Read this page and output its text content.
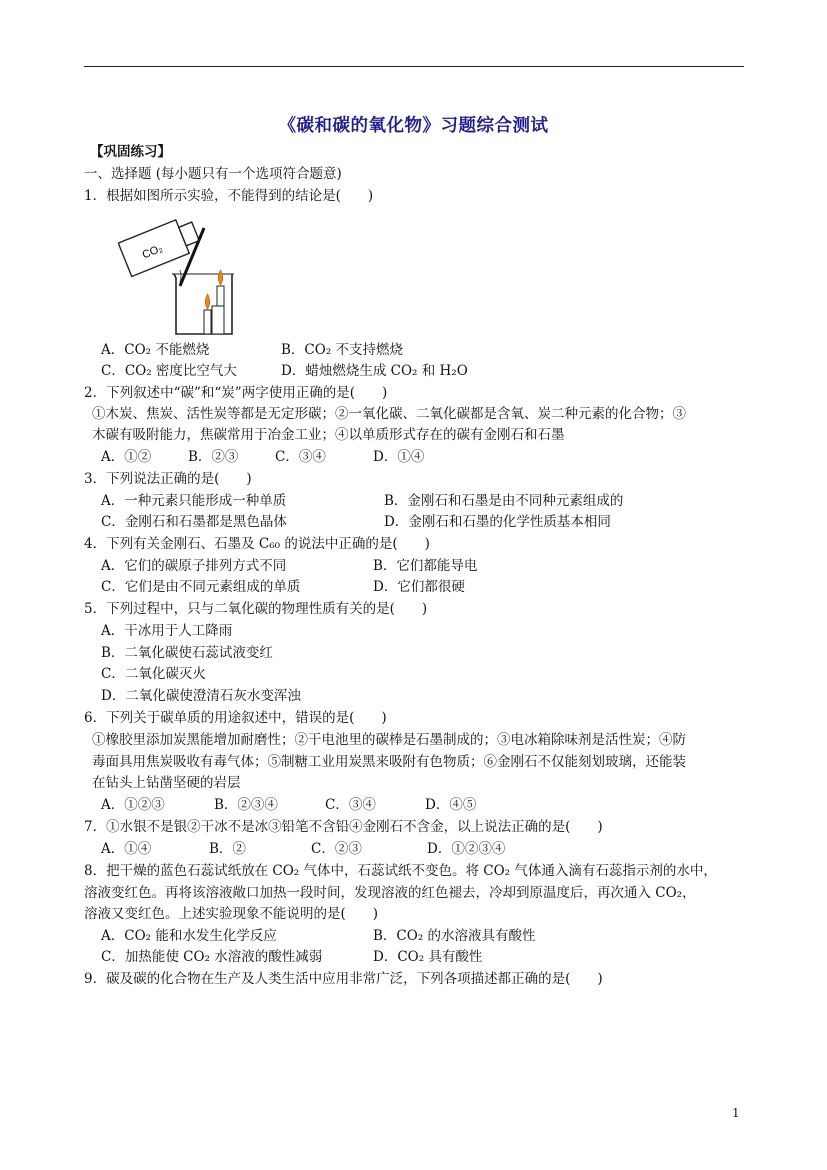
《碳和碳的氧化物》习题综合测试
【巩固练习】
一、选择题 (每小题只有一个选项符合题意)
1．根据如图所示实验，不能得到的结论是(　　)
CO₂
A．CO₂ 不能燃烧	B．CO₂ 不支持燃烧
C．CO₂ 密度比空气大	D．蜡烛燃烧生成 CO₂ 和 H₂O
2．下列叙述中“碳”和“炭”两字使用正确的是(　　)
①木炭、焦炭、活性炭等都是无定形碳；②一氧化碳、二氧化碳都是含氧、炭二种元素的化合物；③
木碳有吸附能力，焦碳常用于冶金工业；④以单质形式存在的碳有金刚石和石墨
A．①②	B．②③	C．③④	D．①④
3．下列说法正确的是(　　)
A．一种元素只能形成一种单质	B．金刚石和石墨是由不同种元素组成的
C．金刚石和石墨都是黑色晶体	D．金刚石和石墨的化学性质基本相同
4．下列有关金刚石、石墨及 C₆₀ 的说法中正确的是(　　)
A．它们的碳原子排列方式不同	B．它们都能导电
C．它们是由不同元素组成的单质	D．它们都很硬
5．下列过程中，只与二氧化碳的物理性质有关的是(　　)
A．干冰用于人工降雨
B．二氧化碳使石蕊试液变红
C．二氧化碳灭火
D．二氧化碳使澄清石灰水变浑浊
6．下列关于碳单质的用途叙述中，错误的是(　　)
①橡胶里添加炭黑能增加耐磨性；②干电池里的碳棒是石墨制成的；③电冰箱除味剂是活性炭；④防
毒面具用焦炭吸收有毒气体；⑤制糖工业用炭黑来吸附有色物质；⑥金刚石不仅能刻划玻璃，还能装
在钻头上钻凿坚硬的岩层
A．①②③	B．②③④	C．③④	D．④⑤
7．①水银不是银②干冰不是冰③铅笔不含铅④金刚石不含金，以上说法正确的是(　　)
A．①④	B．②	C．②③	D．①②③④
8．把干燥的蓝色石蕊试纸放在 CO₂ 气体中，石蕊试纸不变色。将 CO₂ 气体通入滴有石蕊指示剂的水中，
溶液变红色。再将该溶液敞口加热一段时间，发现溶液的红色褪去，冷却到原温度后，再次通入 CO₂，
溶液又变红色。上述实验现象不能说明的是(　　)
A．CO₂ 能和水发生化学反应	B．CO₂ 的水溶液具有酸性
C．加热能使 CO₂ 水溶液的酸性减弱	D．CO₂ 具有酸性
9．碳及碳的化合物在生产及人类生活中应用非常广泛，下列各项描述都正确的是(　　)
1
